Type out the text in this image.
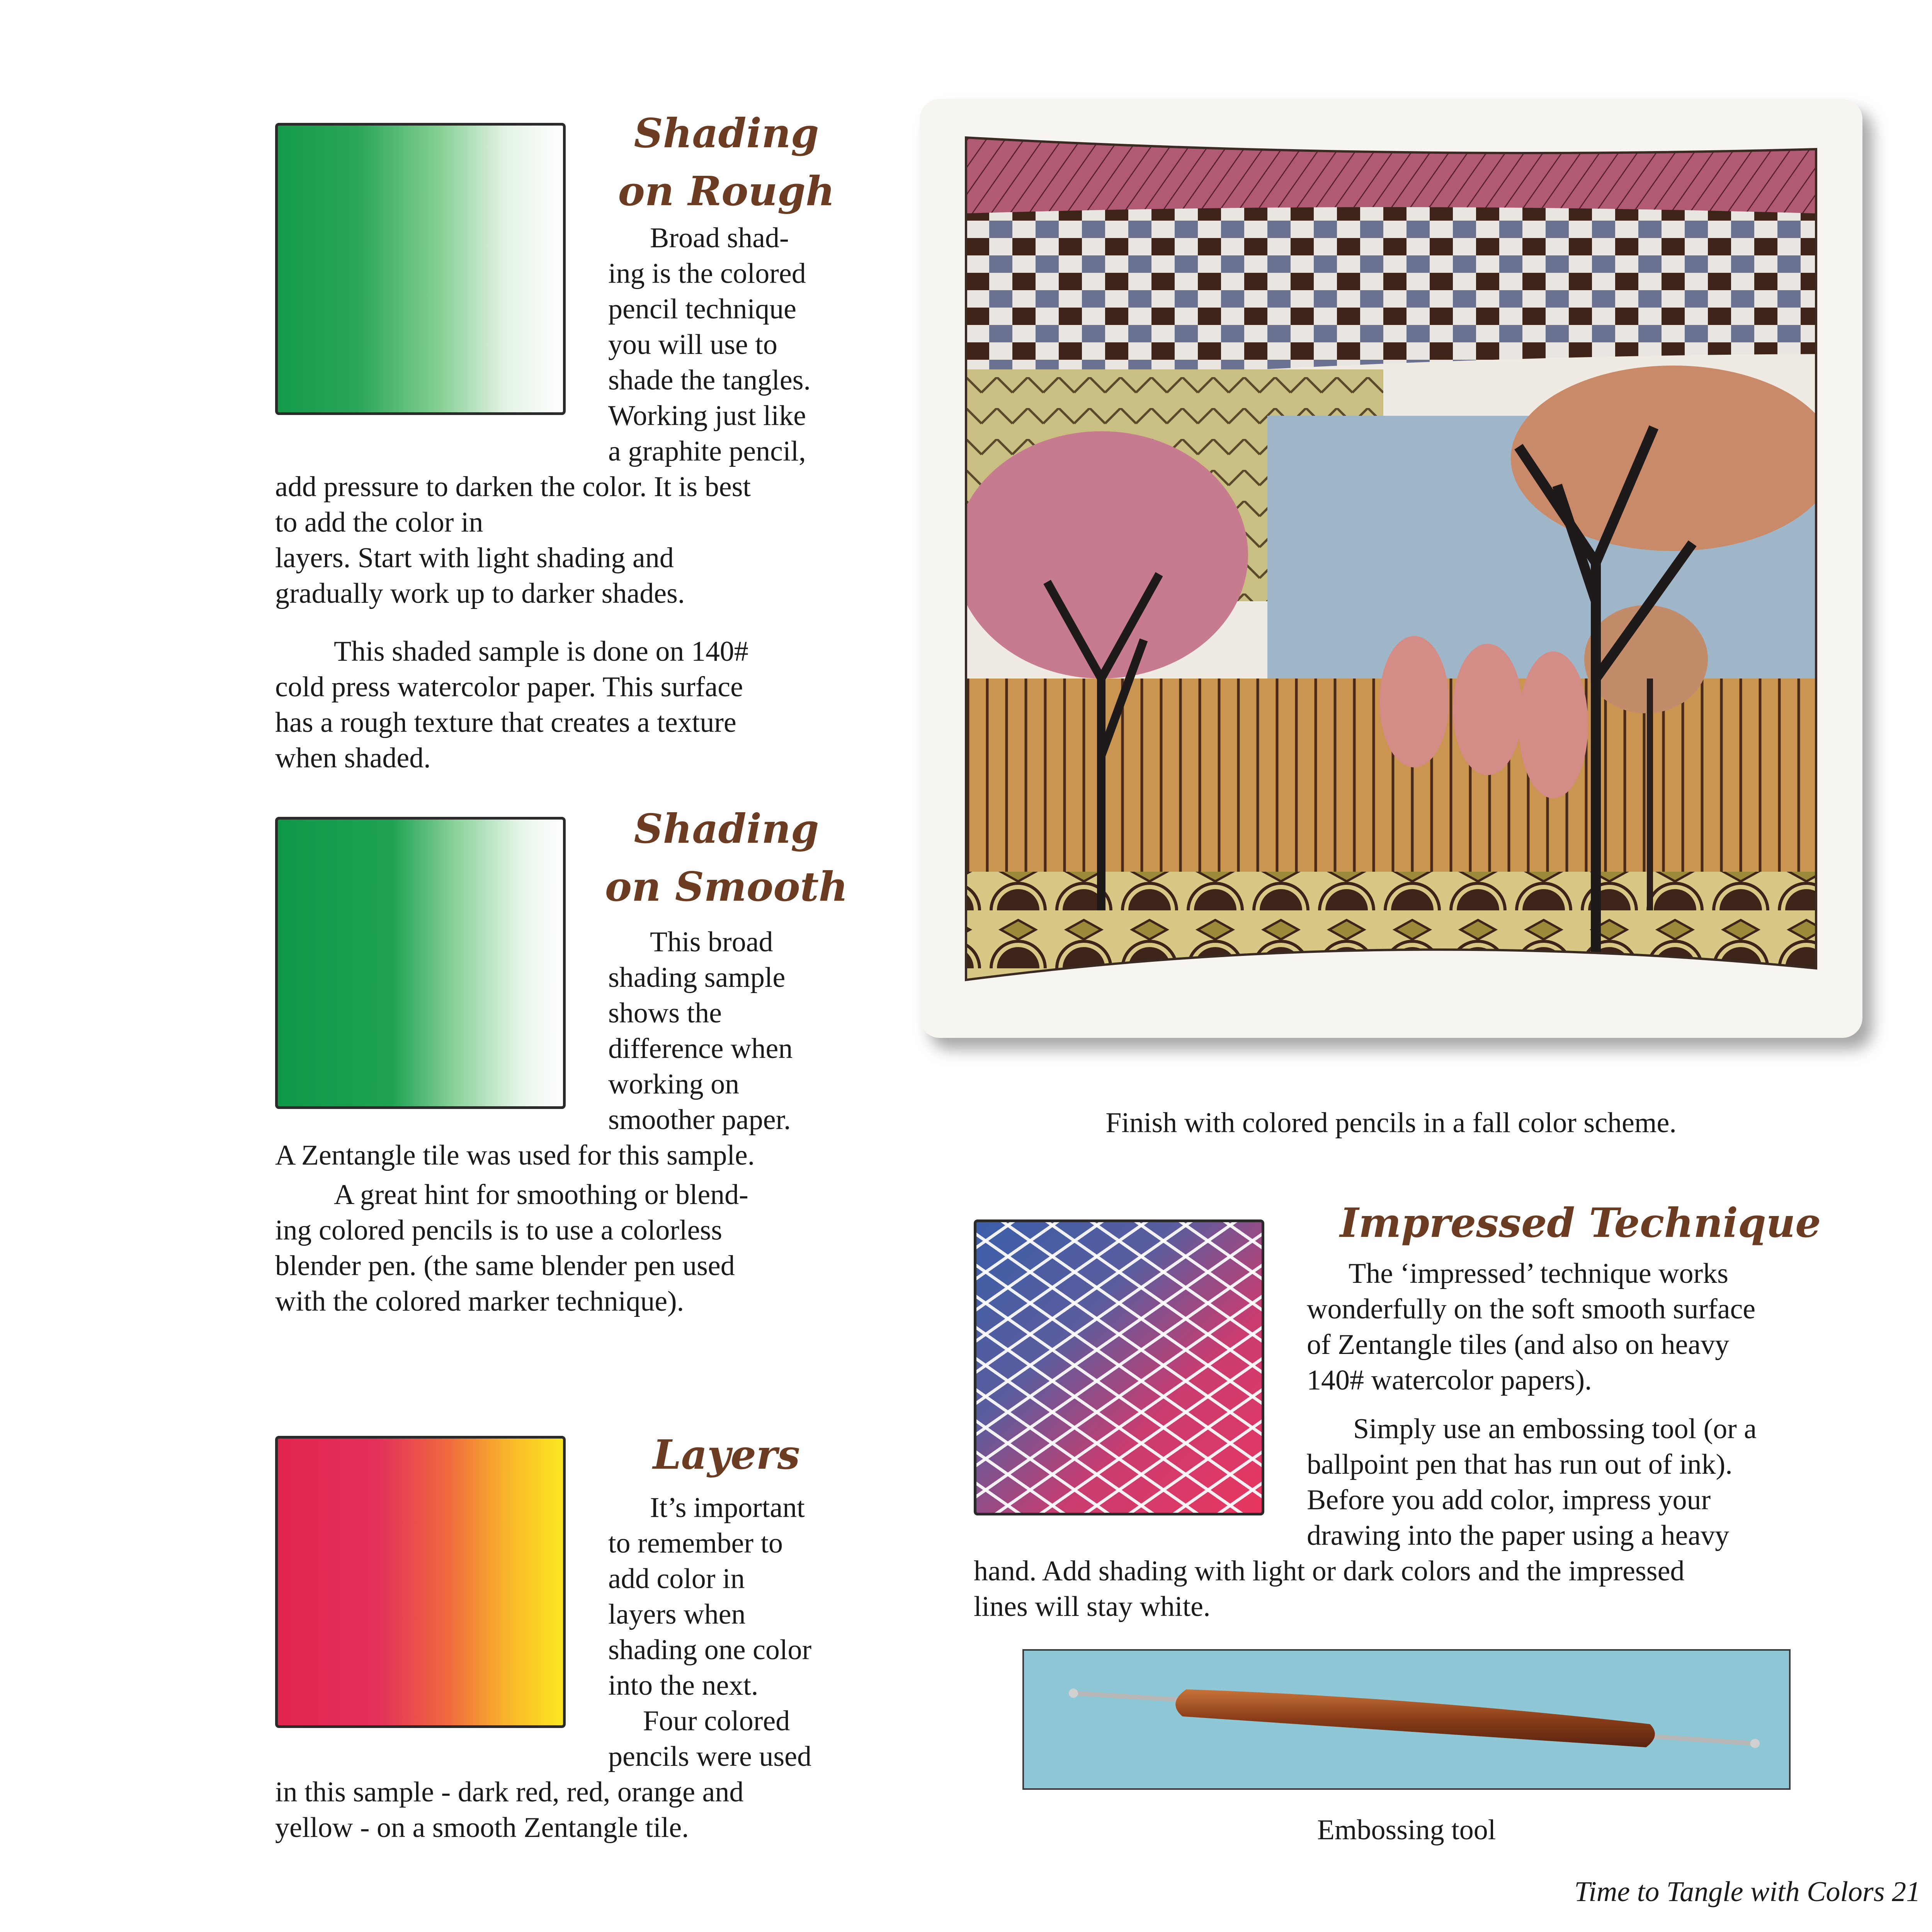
Shading
on Rough
Broad shad-
ing is the colored
pencil technique
you will use to
shade the tangles.
Working just like
a graphite pencil,
add pressure to darken the color. It is best
to add the color in
layers. Start with light shading and
gradually work up to darker shades.
This shaded sample is done on 140#
cold press watercolor paper. This surface
has a rough texture that creates a texture
when shaded.
Shading
on Smooth
This broad
shading sample
shows the
difference when
working on
smoother paper.
A Zentangle tile was used for this sample.
A great hint for smoothing or blend-
ing colored pencils is to use a colorless
blender pen. (the same blender pen used
with the colored marker technique).
Layers
It’s important
to remember to
add color in
layers when
shading one color
into the next.
Four colored
pencils were used
in this sample - dark red, red, orange and
yellow - on a smooth Zentangle tile.
Finish with colored pencils in a fall color scheme.
Impressed Technique
The ‘impressed’ technique works
wonderfully on the soft smooth surface
of Zentangle tiles (and also on heavy
140# watercolor papers).
Simply use an embossing tool (or a
ballpoint pen that has run out of ink).
Before you add color, impress your
drawing into the paper using a heavy
hand. Add shading with light or dark colors and the impressed
lines will stay white.
Embossing tool
Time to Tangle with Colors 21
